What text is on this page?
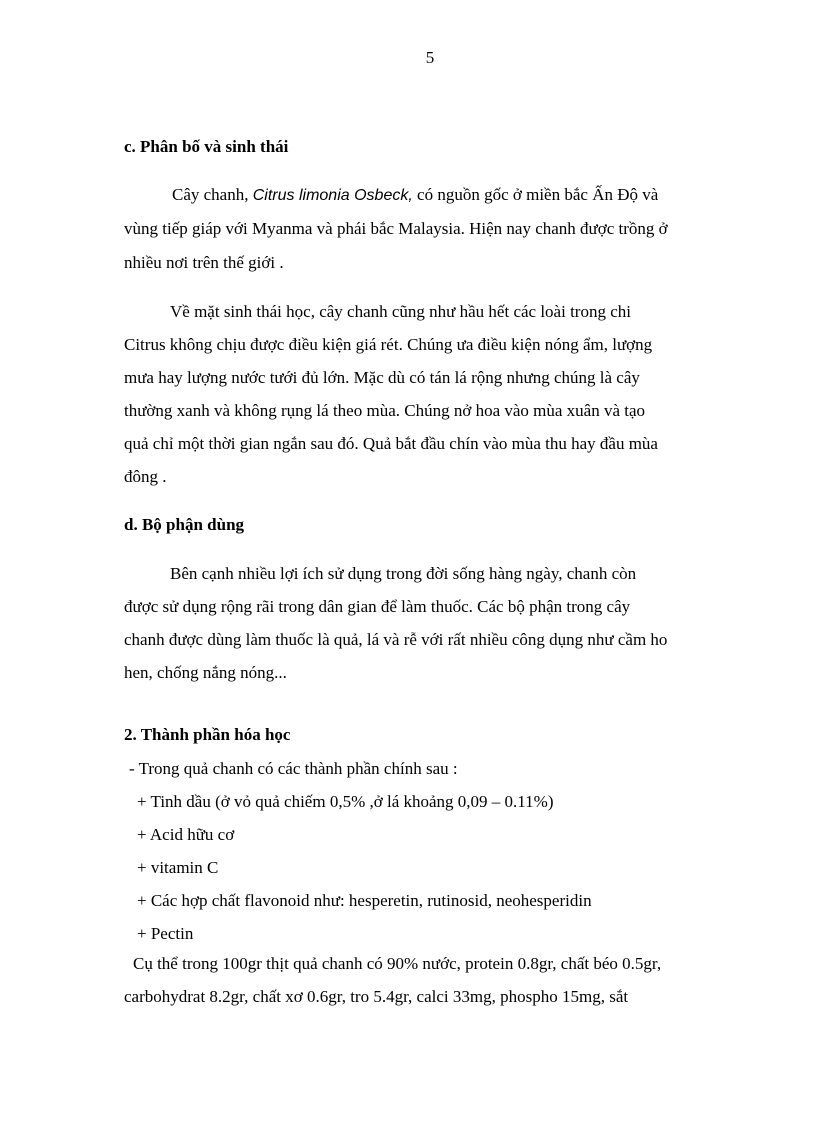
5
c. Phân bố và sinh thái
Cây chanh, Citrus limonia Osbeck, có nguồn gốc ở miền bắc Ấn Độ và
vùng tiếp giáp với Myanma và phái bắc Malaysia. Hiện nay chanh được trồng ở
nhiều nơi trên thế giới .
Về mặt sinh thái học, cây chanh cũng như hầu hết các loài trong chi
Citrus không chịu được điều kiện giá rét. Chúng ưa điều kiện nóng ẩm, lượng
mưa hay lượng nước tưới đủ lớn. Mặc dù có tán lá rộng nhưng chúng là cây
thường xanh và không rụng lá theo mùa. Chúng nở hoa vào mùa xuân và tạo
quả chỉ một thời gian ngắn sau đó. Quả bắt đầu chín vào mùa thu hay đầu mùa
đông .
d. Bộ phận dùng
Bên cạnh nhiều lợi ích sử dụng trong đời sống hàng ngày, chanh còn
được sử dụng rộng rãi trong dân gian để làm thuốc. Các bộ phận trong cây
chanh được dùng làm thuốc là quả, lá và rễ với rất nhiều công dụng như cầm ho
hen, chống nắng nóng...
2. Thành phần hóa học
- Trong quả chanh có các thành phần chính sau :
+ Tinh dầu (ở vỏ quả chiếm 0,5% ,ở lá khoảng 0,09 – 0.11%)
+ Acid hữu cơ
+ vitamin C
+ Các hợp chất flavonoid như: hesperetin, rutinosid, neohesperidin
+ Pectin
Cụ thể trong 100gr thịt quả chanh có 90% nước, protein 0.8gr, chất béo 0.5gr,
carbohydrat 8.2gr, chất xơ 0.6gr, tro 5.4gr, calci 33mg, phospho 15mg, sắt
